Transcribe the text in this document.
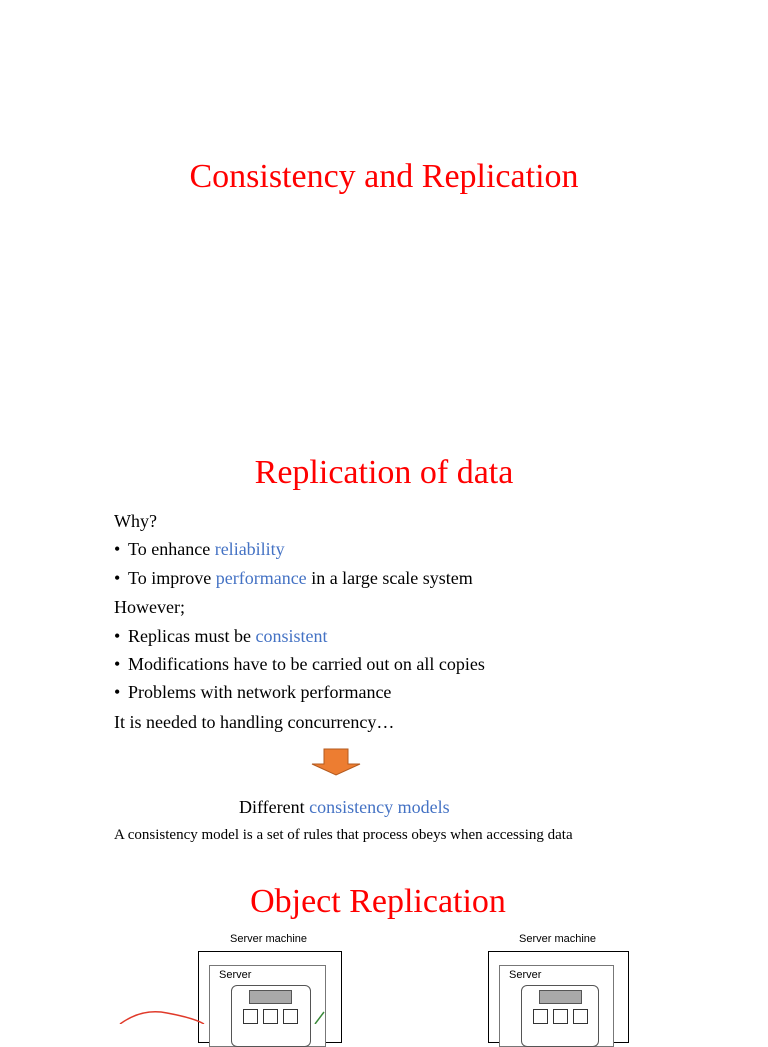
Consistency and Replication
Replication of data
Why?
• To enhance reliability
• To improve performance in a large scale system
However;
• Replicas must be consistent
• Modifications have to be carried out on all copies
• Problems with network performance
It is needed to handling concurrency…
Different consistency models
A consistency model is a set of rules that process obeys when accessing data
Object Replication
Server machine
Server
Server machine
Server
